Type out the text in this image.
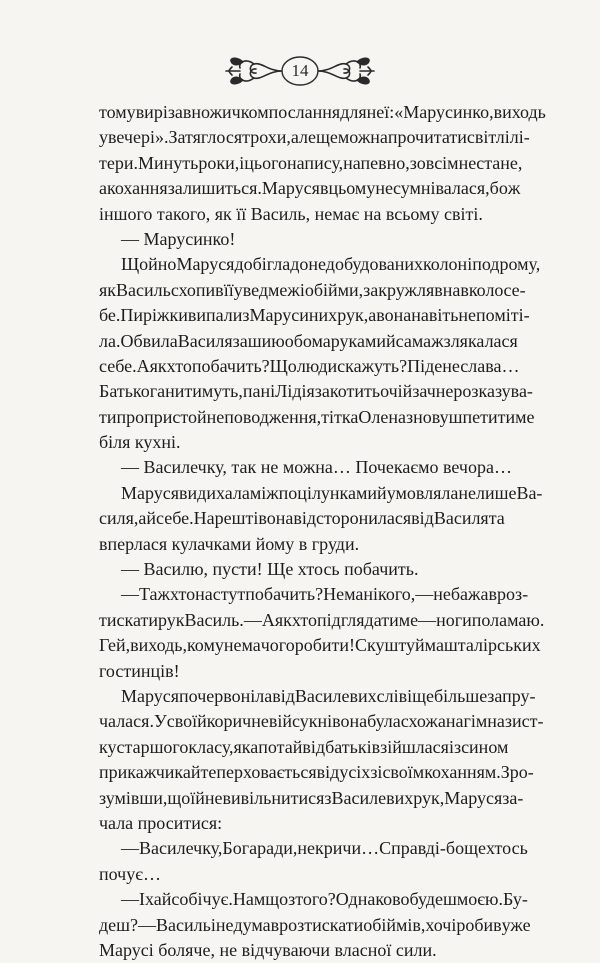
14
тому вирізав ножичком послання для неї: «Марусинко, виходь
увечері». Затяглося трохи, але ще можна прочитати світлі лі-
тери. Минуть роки, і цього напису, напевно, зовсім не стане,
а кохання залишиться. Маруся в цьому не сумнівалася, бо ж
іншого такого, як її Василь, немає на всьому світі.
— Марусинко!
Щойно Маруся добігла до недобудованих колон іподрому,
як Василь схопив її у ведмежі обійми, закружляв навколо се-
бе. Пиріжки випали з Марусиних рук, а вона навіть не поміті-
ла. Обвила Василя за шию обома руками й сама ж злякалася
себе. А як хто побачить? Що люди скажуть? Піде неслава…
Батько ганитимуть, пані Лідія закотить очі й зачне розказува-
ти про пристойне поводження, тітка Олена знову шпетитиме
біля кухні.
— Василечку, так не можна… Почекаємо вечора…
Маруся видихала між поцілунками й умовляла не лише Ва-
силя, а й себе. Нарешті вона відсторонилася від Василя та
вперлася кулачками йому в груди.
— Василю, пусти! Ще хтось побачить.
— Та ж хто нас тут побачить? Нема нікого, — не бажав роз-
тискати рук Василь. — А як хто підглядатиме — ноги поламаю.
Гей, виходь, кому нема чого робити! Скуштуй машталірських
гостинців!
Маруся почервоніла від Василевих слів і ще більше запру-
чалася. У своїй коричневій сукні вона була схожа на гімназист-
ку старшого класу, яка потай від батьків зійшлася із сином
прикажчика й тепер ховається від усіх зі своїм коханням. Зро-
зумівши, що їй не вивільнитися з Василевих рук, Маруся за-
чала проситися:
— Василечку, Бога ради, не кричи… Справді-бо ще хтось
почує…
— І хай собі чує. Нам що з того? Однаково будеш моєю. Бу-
деш? — Василь і не думав розтискати обіймів, хоч і робив уже
Марусі боляче, не відчуваючи власної сили.
